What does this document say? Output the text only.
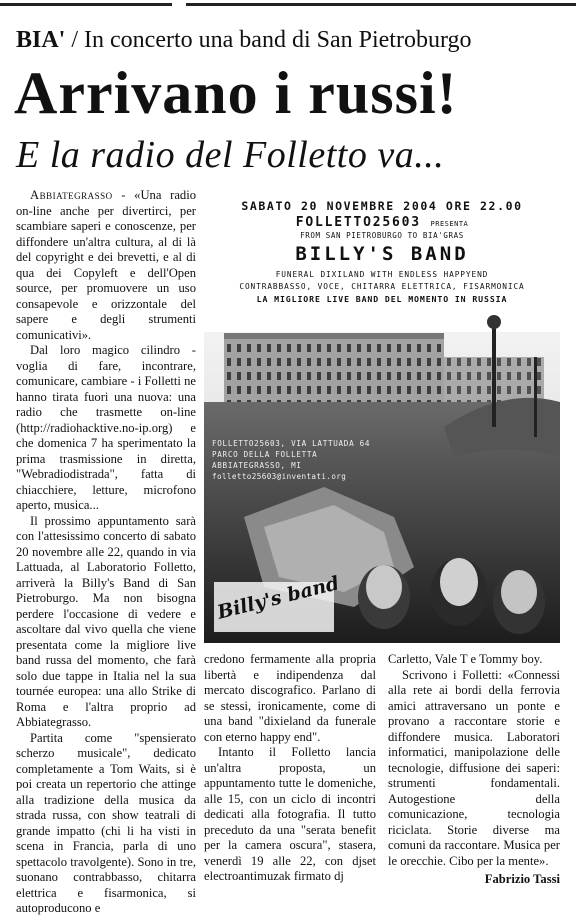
BIA' / In concerto una band di San Pietroburgo
Arrivano i russi!
E la radio del Folletto va...

Abbiategrasso - «Una radio on-line anche per divertirci, per scambiare saperi e conoscenze, per diffondere un'altra cultura, al di là del copyright e dei brevetti, e al di qua dei Copyleft e dell'Open source, per promuovere un uso consapevole e orizzontale del sapere e degli strumenti comunicativi».

Dal loro magico cilindro - voglia di fare, incontrare, comunicare, cambiare - i Folletti ne hanno tirata fuori una nuova: una radio che trasmette on-line (http://radiohacktive.no-ip.org) e che domenica 7 ha sperimentato la prima trasmissione in diretta, "Webradiodistrada", fatta di chiacchiere, letture, microfono aperto, musica...

Il prossimo appuntamento sarà con l'attesissimo concerto di sabato 20 novembre alle 22, quando in via Lattuada, al Laboratorio Folletto, arriverà la Billy's Band di San Pietroburgo. Ma non bisogna perdere l'occasione di vedere e ascoltare dal vivo quella che viene presentata come la migliore live band russa del momento, che farà solo due tappe in Italia nel la sua tournée europea: una allo Strike di Roma e l'altra proprio ad Abbiategrasso.

Partita come "spensierato scherzo musicale", dedicato completamente a Tom Waits, si è poi creata un repertorio che attinge alla tradizione della musica da strada russa, con show teatrali di grande impatto (chi li ha visti in scena in Francia, parla di uno spettacolo travolgente). Sono in tre, suonano contrabbasso, chitarra elettrica e fisarmonica, si autoproducono e

SABATO 20 NOVEMBRE 2004 ORE 22.00
FOLLETTO25603 PRESENTA
FROM SAN PIETROBURGO TO BIA'GRAS
BILLY'S BAND
FUNERAL DIXILAND WITH ENDLESS HAPPYEND
CONTRABBASSO, VOCE, CHITARRA ELETTRICA, FISARMONICA
LA MIGLIORE LIVE BAND DEL MOMENTO IN RUSSIA
FOLLETTO25603, VIA LATTUADA 64
PARCO DELLA FOLLETTA
ABBIATEGRASSO, MI
folletto25603@inventati.org
Billy's band

credono fermamente alla propria libertà e indipendenza dal mercato discografico. Parlano di se stessi, ironicamente, come di una band "dixieland da funerale con eterno happy end".

Intanto il Folletto lancia un'altra proposta, un appuntamento tutte le domeniche, alle 15, con un ciclo di incontri dedicati alla fotografia. Il tutto preceduto da una "serata benefit per la camera oscura", stasera, venerdì 19 alle 22, con djset electroantimuzak firmato dj

Carletto, Vale T e Tommy boy.

Scrivono i Folletti: «Connessi alla rete ai bordi della ferrovia amici attraversano un ponte e provano a raccontare storie e diffondere musica. Laboratori informatici, manipolazione delle tecnologie, diffusione dei saperi: strumenti fondamentali. Autogestione della comunicazione, tecnologia riciclata. Storie diverse ma comuni da raccontare. Musica per le orecchie. Cibo per la mente».

Fabrizio Tassi
